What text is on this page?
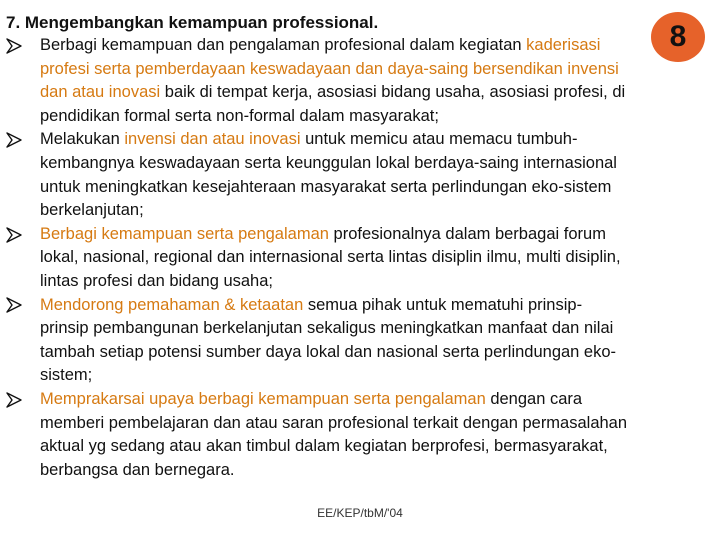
7. Mengembangkan kemampuan professional.	8
Berbagi kemampuan dan pengalaman profesional dalam kegiatan kaderisasi
profesi serta pemberdayaan keswadayaan dan daya-saing bersendikan invensi
dan atau inovasi baik di tempat kerja, asosiasi bidang usaha, asosiasi profesi, di
pendidikan formal serta non-formal dalam masyarakat;
Melakukan invensi dan atau inovasi untuk memicu atau memacu tumbuh-
kembangnya keswadayaan serta keunggulan lokal berdaya-saing internasional
untuk meningkatkan kesejahteraan masyarakat serta perlindungan eko-sistem
berkelanjutan;
Berbagi kemampuan serta pengalaman profesionalnya dalam berbagai forum
lokal, nasional, regional dan internasional serta lintas disiplin ilmu, multi disiplin,
lintas profesi dan bidang usaha;
Mendorong pemahaman & ketaatan semua pihak untuk mematuhi prinsip-
prinsip pembangunan berkelanjutan sekaligus meningkatkan manfaat dan nilai
tambah setiap potensi sumber daya lokal dan nasional serta perlindungan eko-
sistem;
Memprakarsai upaya berbagi kemampuan serta pengalaman dengan cara
memberi pembelajaran dan atau saran profesional terkait dengan permasalahan
aktual yg sedang atau akan timbul dalam kegiatan berprofesi, bermasyarakat,
berbangsa dan bernegara.
EE/KEP/tbM/'04
